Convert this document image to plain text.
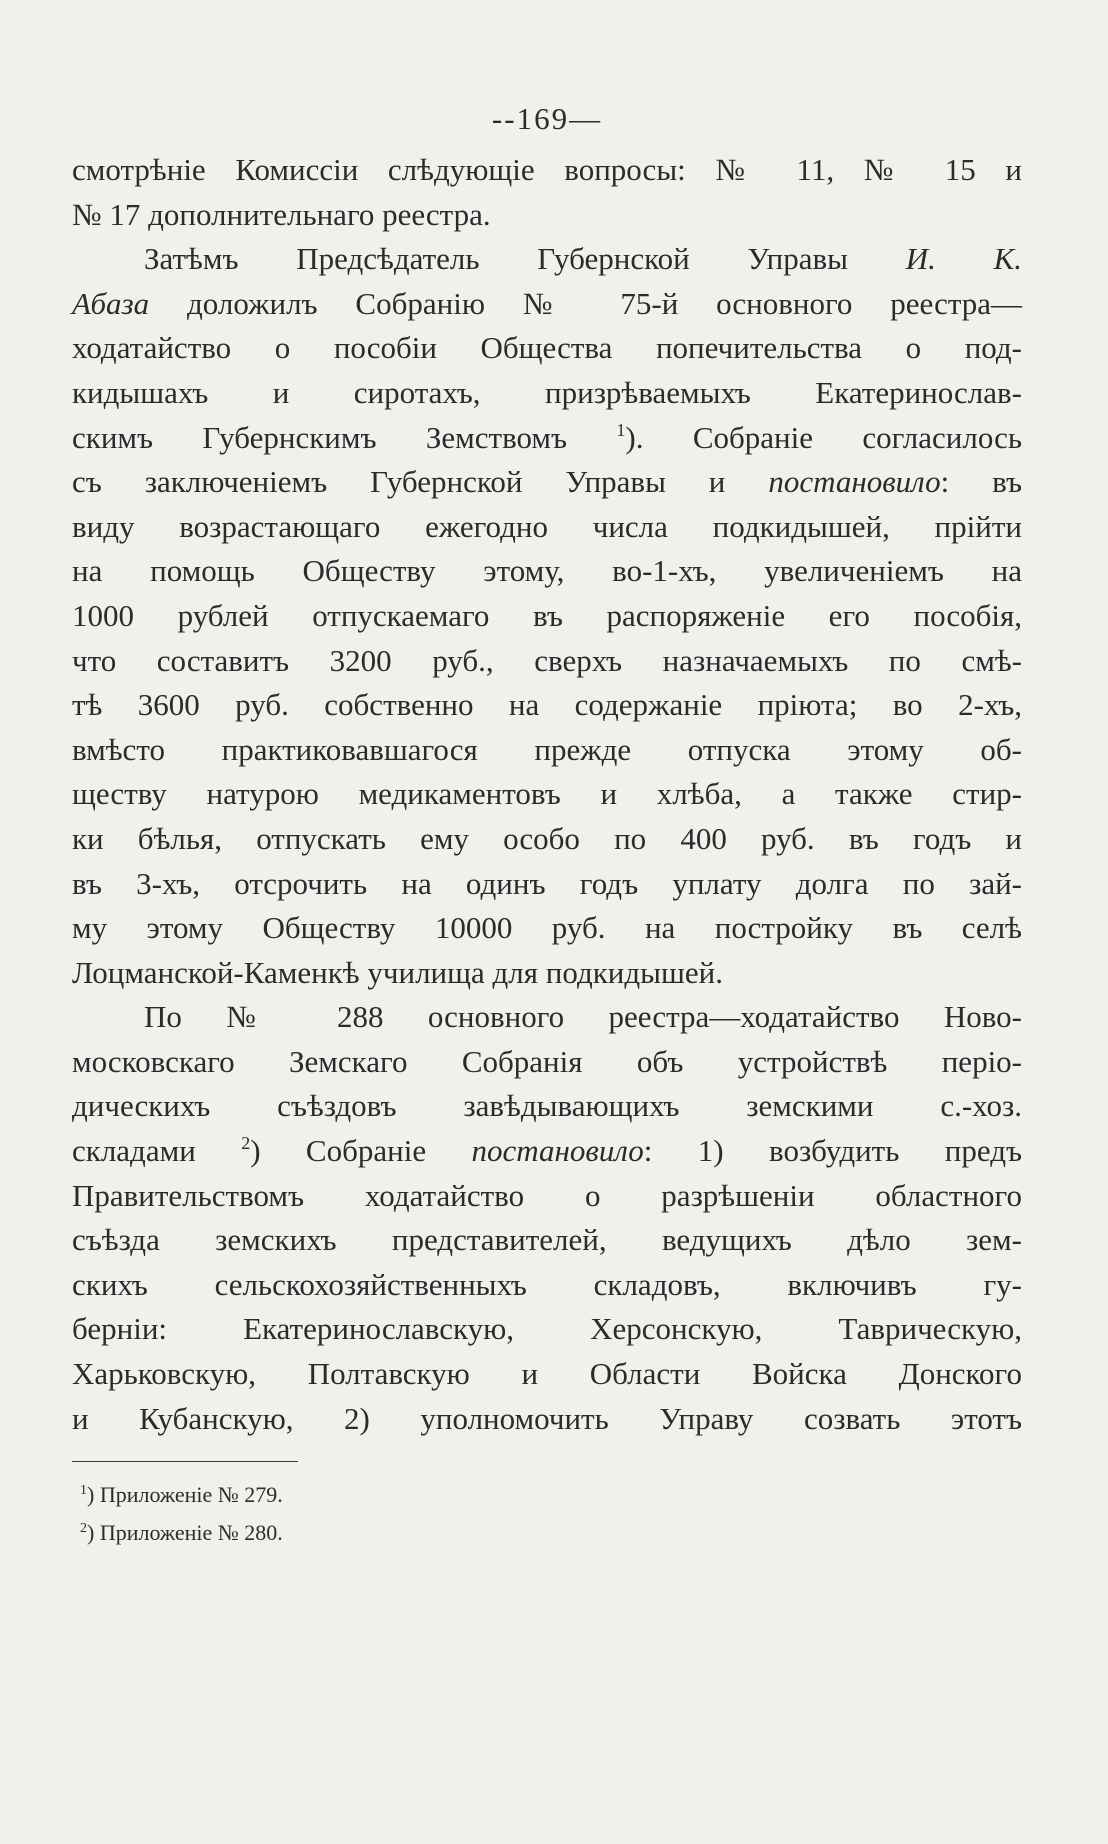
--169—
смотрѣніе Комиссіи слѣдующіе вопросы: № 11, № 15 и
№ 17 дополнительнаго реестра.
Затѣмъ Предсѣдатель Губернской Управы И. К.
Абаза доложилъ Собранію № 75-й основного реестра—
ходатайство о пособіи Общества попечительства о под-
кидышахъ и сиротахъ, призрѣваемыхъ Екатеринослав-
скимъ Губернскимъ Земствомъ	$^1$). Собраніе согласилось
съ заключеніемъ Губернской Управы и постановило: въ
виду возрастающаго ежегодно числа подкидышей, прійти
на помощь Обществу этому, во-1-хъ, увеличеніемъ на
1000 рублей отпускаемаго въ распоряженіе его пособія,
что составитъ 3200 руб., сверхъ назначаемыхъ по смѣ-
тѣ 3600 руб. собственно на содержаніе пріюта; во 2-хъ,
вмѣсто практиковавшагося прежде отпуска этому об-
ществу натурою медикаментовъ и хлѣба, а также стир-
ки бѣлья, отпускать ему особо по 400 руб. въ годъ и
въ 3-хъ, отсрочить на одинъ годъ уплату долга по зай-
му этому Обществу 10000 руб. на постройку въ селѣ
Лоцманской-Каменкѣ училища для подкидышей.
По № 288 основного реестра—ходатайство Ново-
московскаго Земскаго Собранія объ устройствѣ періо-
дическихъ съѣздовъ завѣдывающихъ земскими с.-хоз.
складами	$^2$) Собраніе постановило: 1) возбудить предъ
Правительствомъ ходатайство о разрѣшеніи областного
съѣзда земскихъ представителей, ведущихъ дѣло зем-
скихъ сельскохозяйственныхъ складовъ, включивъ гу-
берніи: Екатеринославскую, Херсонскую, Таврическую,
Харьковскую, Полтавскую и Области Войска Донского
и Кубанскую, 2) уполномочить Управу созвать этотъ
$^1$) Приложеніе № 279.
$^2$) Приложеніе № 280.
